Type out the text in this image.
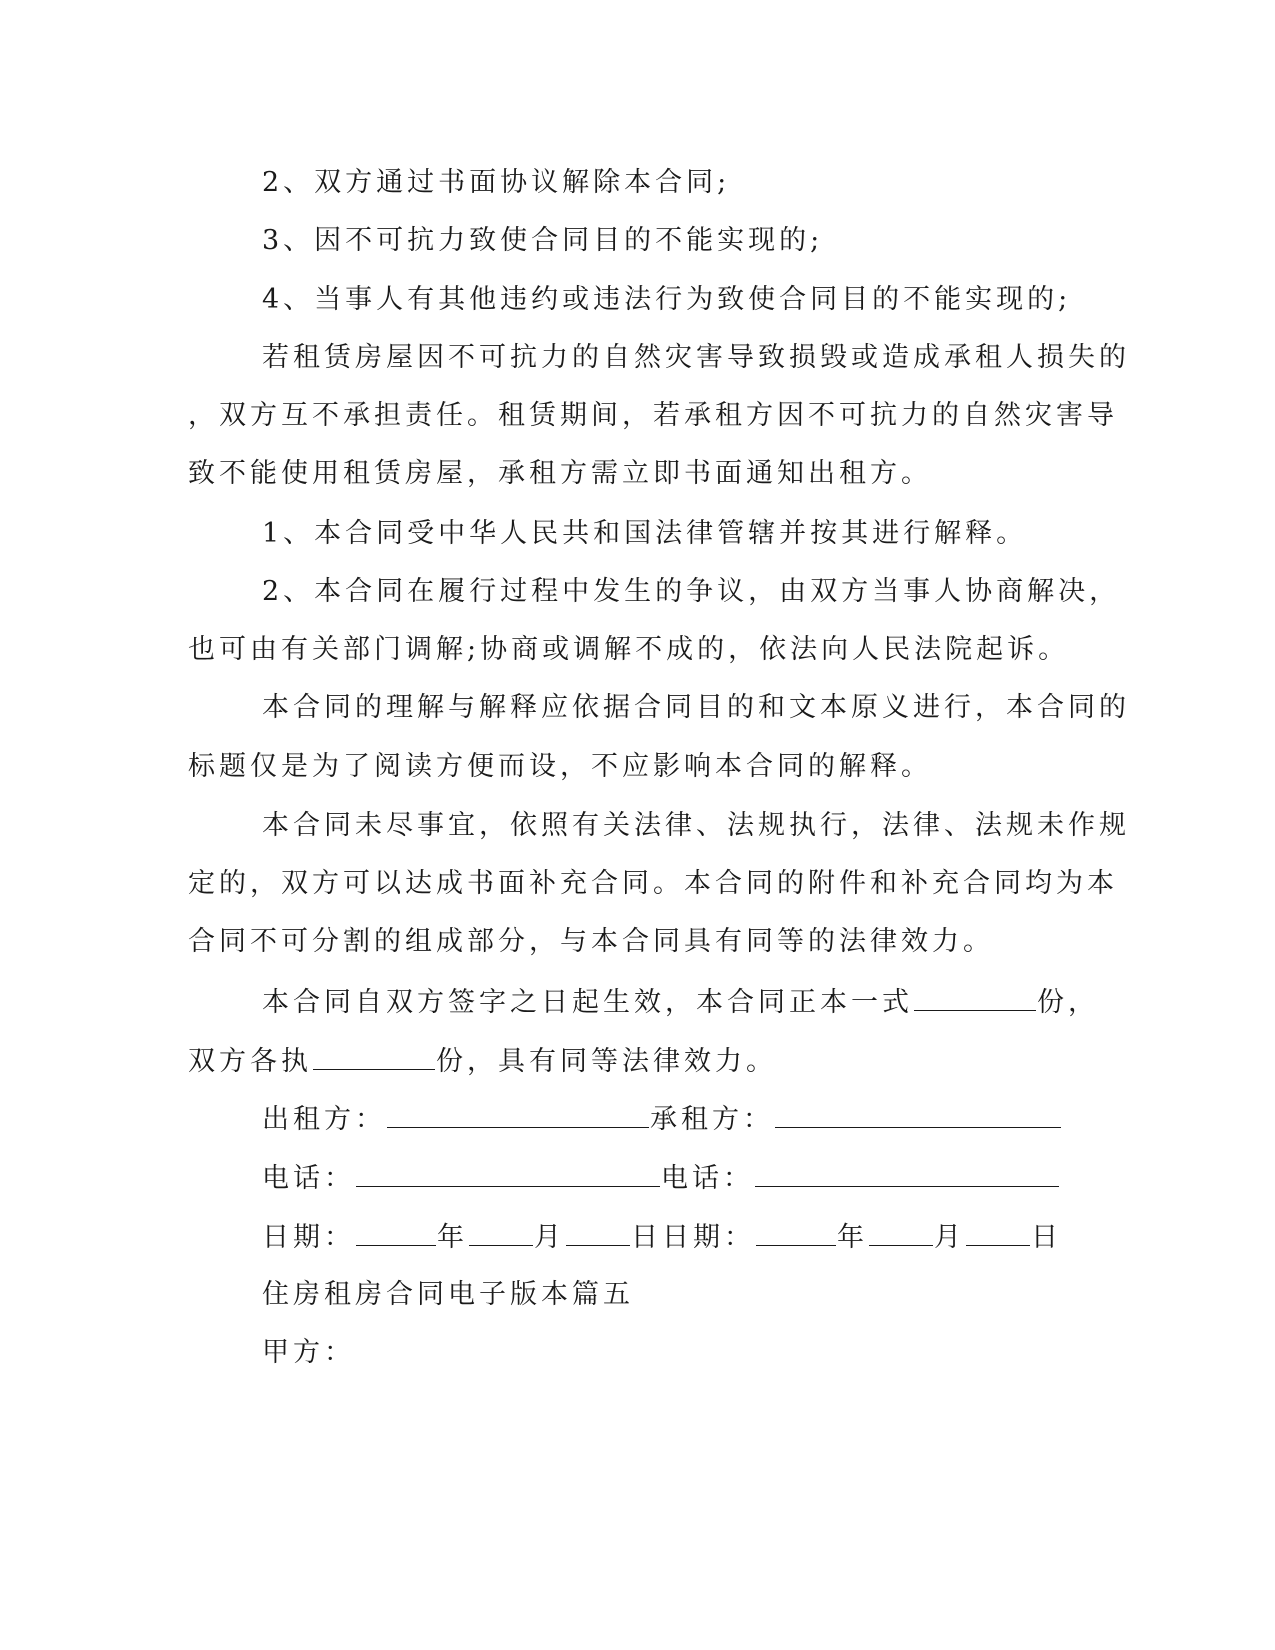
2、双方通过书面协议解除本合同;
3、因不可抗力致使合同目的不能实现的;
4、当事人有其他违约或违法行为致使合同目的不能实现的;
若租赁房屋因不可抗力的自然灾害导致损毁或造成承租人损失的
，双方互不承担责任。租赁期间，若承租方因不可抗力的自然灾害导
致不能使用租赁房屋，承租方需立即书面通知出租方。
1、本合同受中华人民共和国法律管辖并按其进行解释。
2、本合同在履行过程中发生的争议，由双方当事人协商解决，
也可由有关部门调解;协商或调解不成的，依法向人民法院起诉。
本合同的理解与解释应依据合同目的和文本原义进行，本合同的
标题仅是为了阅读方便而设，不应影响本合同的解释。
本合同未尽事宜，依照有关法律、法规执行，法律、法规未作规
定的，双方可以达成书面补充合同。本合同的附件和补充合同均为本
合同不可分割的组成部分，与本合同具有同等的法律效力。
本合同自双方签字之日起生效，本合同正本一式	份，
双方各执	份，具有同等法律效力。
出租方：	承租方：
电话：	电话：
日期：	年 月 日日期：	年 月 日
住房租房合同电子版本篇五
甲方：
